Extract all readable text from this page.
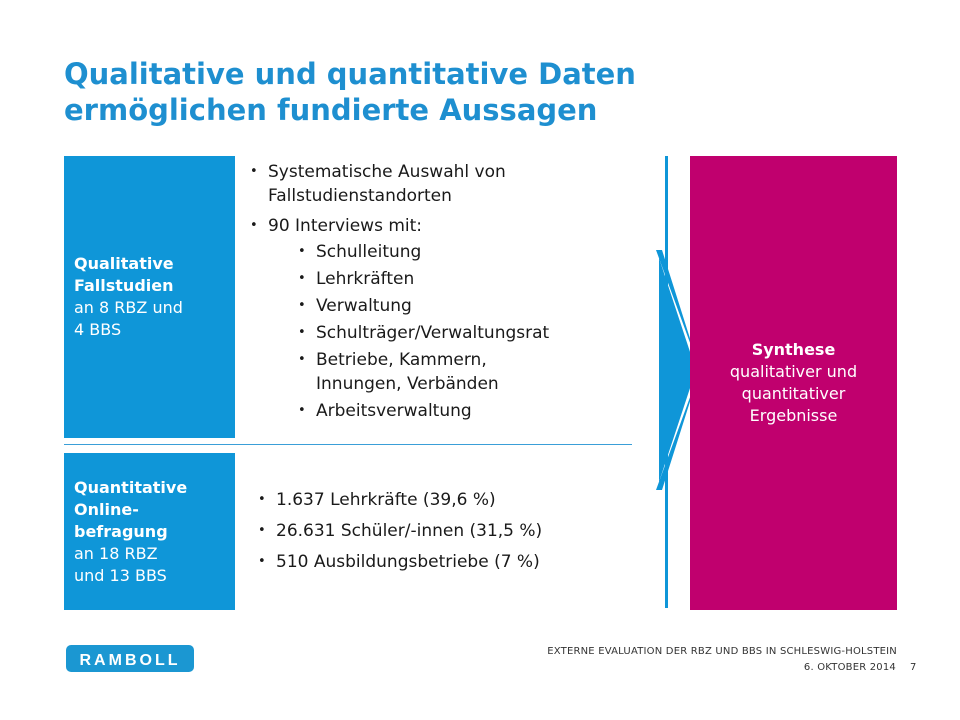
Qualitative und quantitative Daten
ermöglichen fundierte Aussagen
Qualitative
Fallstudien
an 8 RBZ und
4 BBS
• Systematische Auswahl von
Fallstudienstandorten
• 90 Interviews mit:
• Schulleitung
• Lehrkräften
• Verwaltung
• Schulträger/Verwaltungsrat
• Betriebe, Kammern,
Innungen, Verbänden
• Arbeitsverwaltung
Quantitative
Online-
befragung
an 18 RBZ
und 13 BBS
• 1.637 Lehrkräfte (39,6 %)
• 26.631 Schüler/-innen (31,5 %)
• 510 Ausbildungsbetriebe (7 %)
Synthese
qualitativer und
quantitativer
Ergebnisse
RAMBOLL
EXTERNE EVALUATION DER RBZ UND BBS IN SCHLESWIG-HOLSTEIN
6. OKTOBER 2014 7
